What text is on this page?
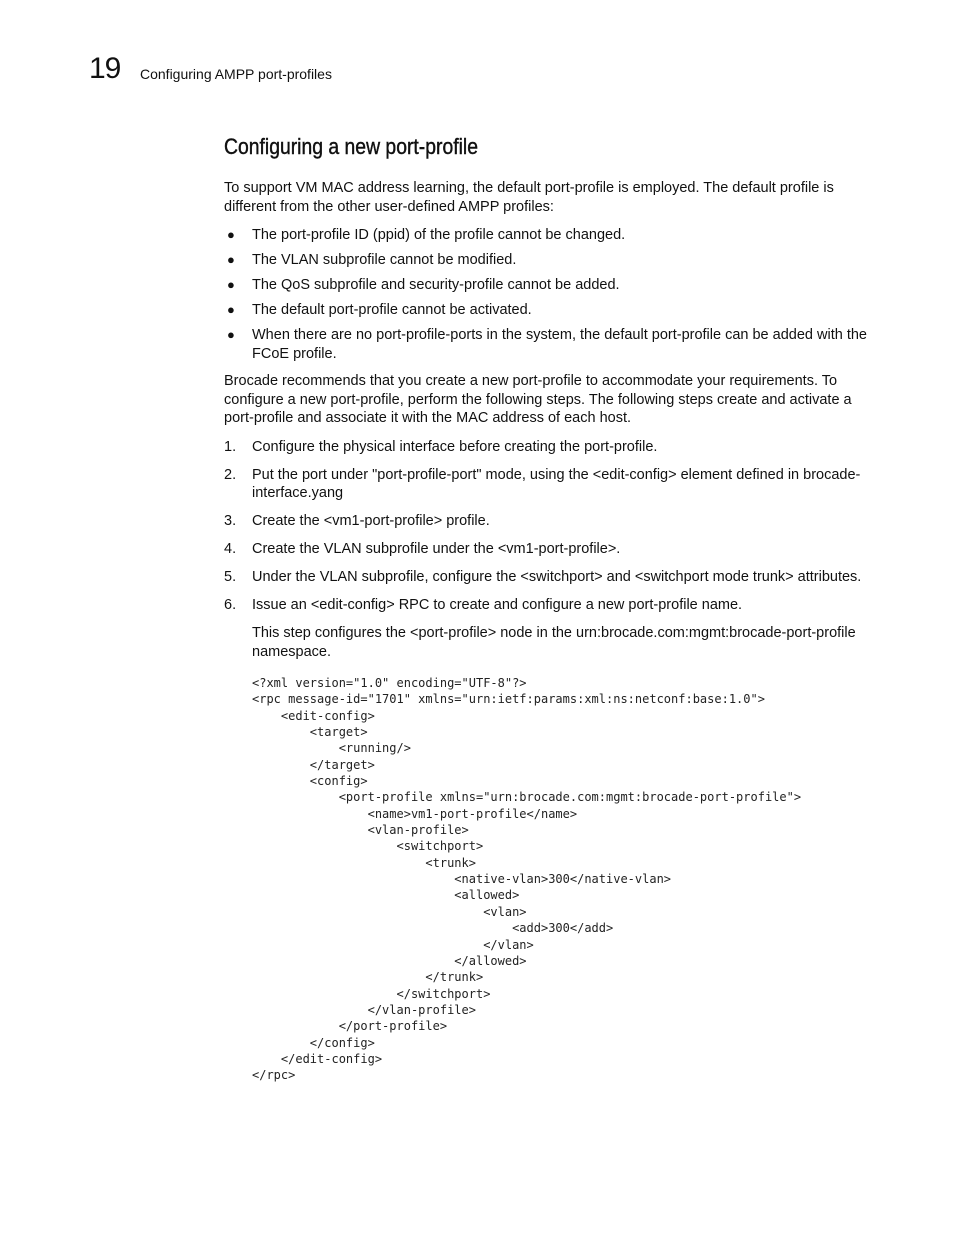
19 Configuring AMPP port-profiles
Configuring a new port-profile

To support VM MAC address learning, the default port-profile is employed. The default profile is different from the other user-defined AMPP profiles:

● The port-profile ID (ppid) of the profile cannot be changed.
● The VLAN subprofile cannot be modified.
● The QoS subprofile and security-profile cannot be added.
● The default port-profile cannot be activated.
● When there are no port-profile-ports in the system, the default port-profile can be added with the FCoE profile.

Brocade recommends that you create a new port-profile to accommodate your requirements. To configure a new port-profile, perform the following steps. The following steps create and activate a port-profile and associate it with the MAC address of each host.

1. Configure the physical interface before creating the port-profile.
2. Put the port under "port-profile-port" mode, using the <edit-config> element defined in brocade-interface.yang
3. Create the <vm1-port-profile> profile.
4. Create the VLAN subprofile under the <vm1-port-profile>.
5. Under the VLAN subprofile, configure the <switchport> and <switchport mode trunk> attributes.
6. Issue an <edit-config> RPC to create and configure a new port-profile name.

This step configures the <port-profile> node in the urn:brocade.com:mgmt:brocade-port-profile namespace.

<?xml version="1.0" encoding="UTF-8"?>
<rpc message-id="1701" xmlns="urn:ietf:params:xml:ns:netconf:base:1.0">
<edit-config>
<target>
<running/>
</target>
<config>
<port-profile xmlns="urn:brocade.com:mgmt:brocade-port-profile">
<name>vm1-port-profile</name>
<vlan-profile>
<switchport>
<trunk>
<native-vlan>300</native-vlan>
<allowed>
<vlan>
<add>300</add>
</vlan>
</allowed>
</trunk>
</switchport>
</vlan-profile>
</port-profile>
</config>
</edit-config>
</rpc>
